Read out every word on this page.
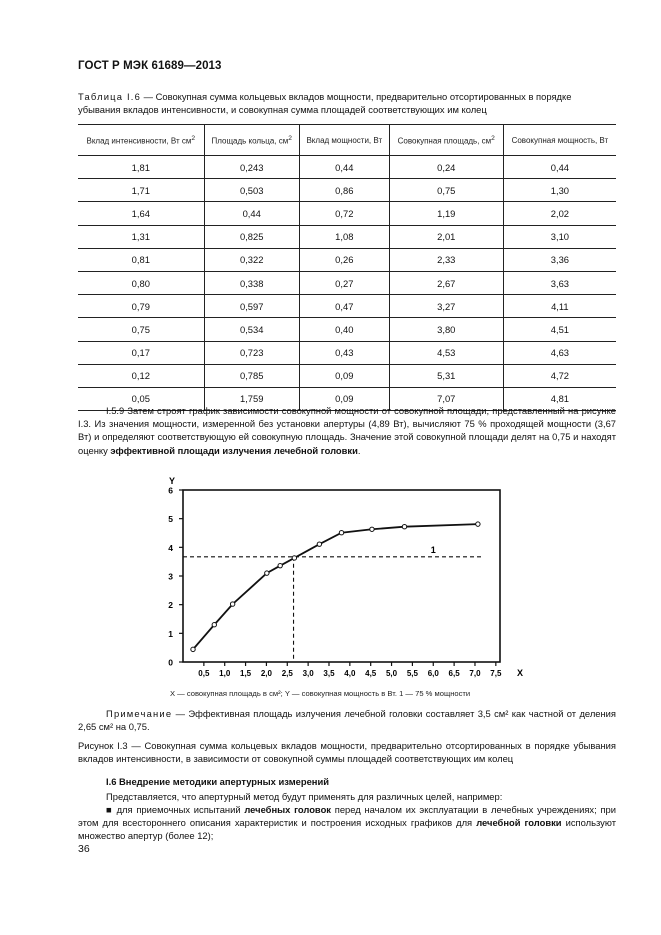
ГОСТ Р МЭК 61689—2013
Таблица I.6 — Совокупная сумма кольцевых вкладов мощности, предварительно отсортированных в порядке убывания вкладов интенсивности, и совокупная сумма площадей соответствующих им колец
Вклад интенсивности, Вт $см^2$	Площадь кольца, $см^2$	Вклад мощности, Вт	Совокупная площадь, $см^2$	Совокупная мощность, Вт
1,81	0,243	0,44	0,24	0,44
1,71	0,503	0,86	0,75	1,30
1,64	0,44	0,72	1,19	2,02
1,31	0,825	1,08	2,01	3,10
0,81	0,322	0,26	2,33	3,36
0,80	0,338	0,27	2,67	3,63
0,79	0,597	0,47	3,27	4,11
0,75	0,534	0,40	3,80	4,51
0,17	0,723	0,43	4,53	4,63
0,12	0,785	0,09	5,31	4,72
0,05	1,759	0,09	7,07	4,81
I.5.9 Затем строят график зависимости совокупной мощности от совокупной площади, представленный на рисунке I.3. Из значения мощности, измеренной без установки апертуры (4,89 Вт), вычисляют 75 % проходящей мощности (3,67 Вт) и определяют соответствующую ей совокупную площадь. Значение этой совокупной площади делят на 0,75 и находят оценку эффективной площади излучения лечебной головки.
0
1
2
3
4
5
6
0,5 1,0 1,5 2,0 2,5 3,0 3,5 4,0 4,5 5,0 5,5 6,0 6,5 7,0 7,5
Y
X
1
X — совокупная площадь в см²; Y — совокупная мощность в Вт. 1 — 75 % мощности
Примечание — Эффективная площадь излучения лечебной головки составляет 3,5 см² как частной от деления 2,65 см² на 0,75.
Рисунок I.3 — Совокупная сумма кольцевых вкладов мощности, предварительно отсортированных в порядке убывания вкладов интенсивности, в зависимости от совокупной суммы площадей соответствующих им колец
I.6 Внедрение методики апертурных измерений
Представляется, что апертурный метод будут применять для различных целей, например:
■ для приемочных испытаний лечебных головок перед началом их эксплуатации в лечебных учреждениях; при этом для всестороннего описания характеристик и построения исходных графиков для лечебной головки используют множество апертур (более 12);
36
